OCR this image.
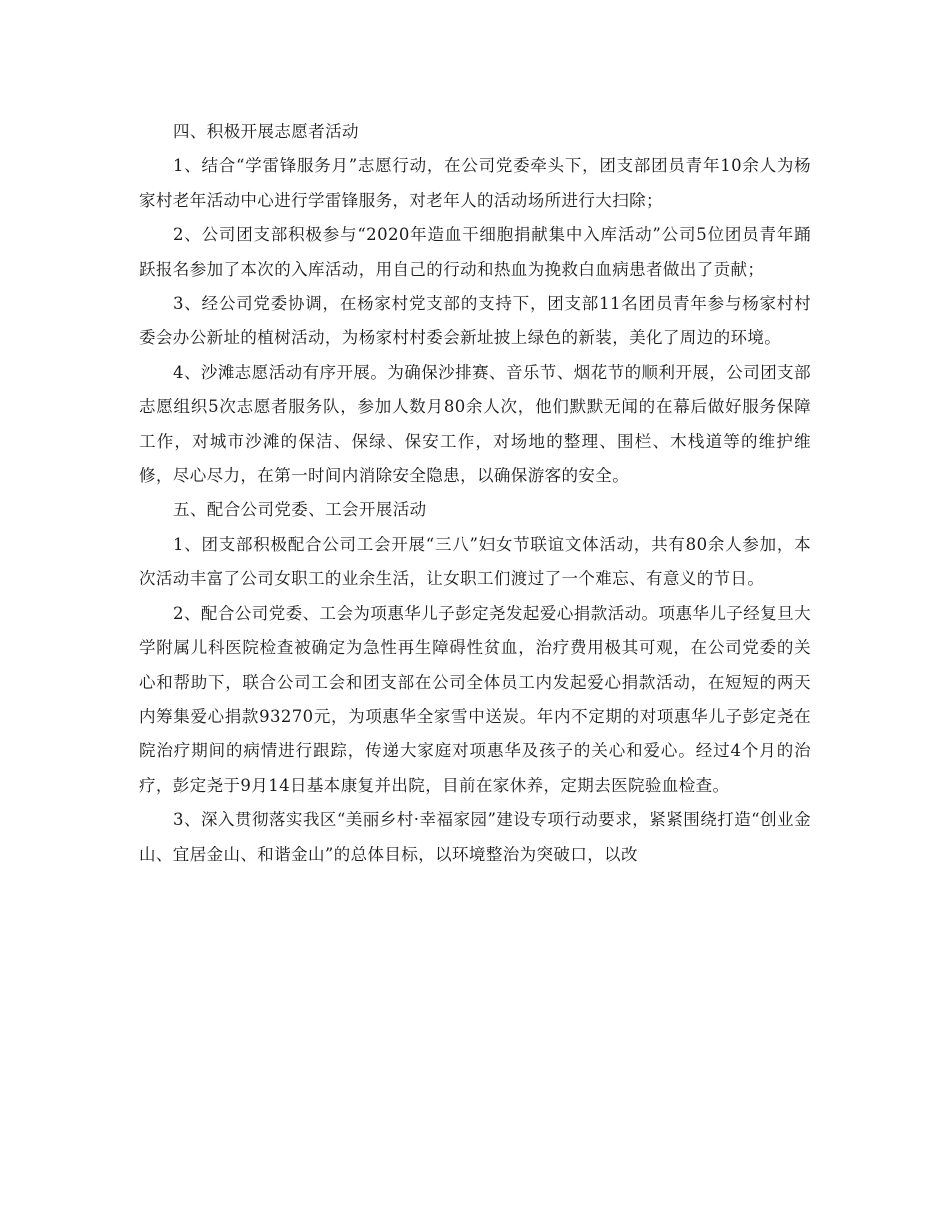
四、积极开展志愿者活动

1、结合“学雷锋服务月”志愿行动，在公司党委牵头下，团支部团员青年10余人为杨家村老年活动中心进行学雷锋服务，对老年人的活动场所进行大扫除；

2、公司团支部积极参与“2020年造血干细胞捐献集中入库活动”公司5位团员青年踊跃报名参加了本次的入库活动，用自己的行动和热血为挽救白血病患者做出了贡献；

3、经公司党委协调，在杨家村党支部的支持下，团支部11名团员青年参与杨家村村委会办公新址的植树活动，为杨家村村委会新址披上绿色的新装，美化了周边的环境。

4、沙滩志愿活动有序开展。为确保沙排赛、音乐节、烟花节的顺利开展，公司团支部志愿组织5次志愿者服务队，参加人数月80余人次，他们默默无闻的在幕后做好服务保障工作，对城市沙滩的保洁、保绿、保安工作，对场地的整理、围栏、木栈道等的维护维修，尽心尽力，在第一时间内消除安全隐患，以确保游客的安全。

五、配合公司党委、工会开展活动

1、团支部积极配合公司工会开展“三八”妇女节联谊文体活动，共有80余人参加，本次活动丰富了公司女职工的业余生活，让女职工们渡过了一个难忘、有意义的节日。

2、配合公司党委、工会为项惠华儿子彭定尧发起爱心捐款活动。项惠华儿子经复旦大学附属儿科医院检查被确定为急性再生障碍性贫血，治疗费用极其可观，在公司党委的关心和帮助下，联合公司工会和团支部在公司全体员工内发起爱心捐款活动，在短短的两天内筹集爱心捐款93270元，为项惠华全家雪中送炭。年内不定期的对项惠华儿子彭定尧在院治疗期间的病情进行跟踪，传递大家庭对项惠华及孩子的关心和爱心。经过4个月的治疗，彭定尧于9月14日基本康复并出院，目前在家休养，定期去医院验血检查。

3、深入贯彻落实我区“美丽乡村·幸福家园”建设专项行动要求，紧紧围绕打造“创业金山、宜居金山、和谐金山”的总体目标，以环境整治为突破口，以改
